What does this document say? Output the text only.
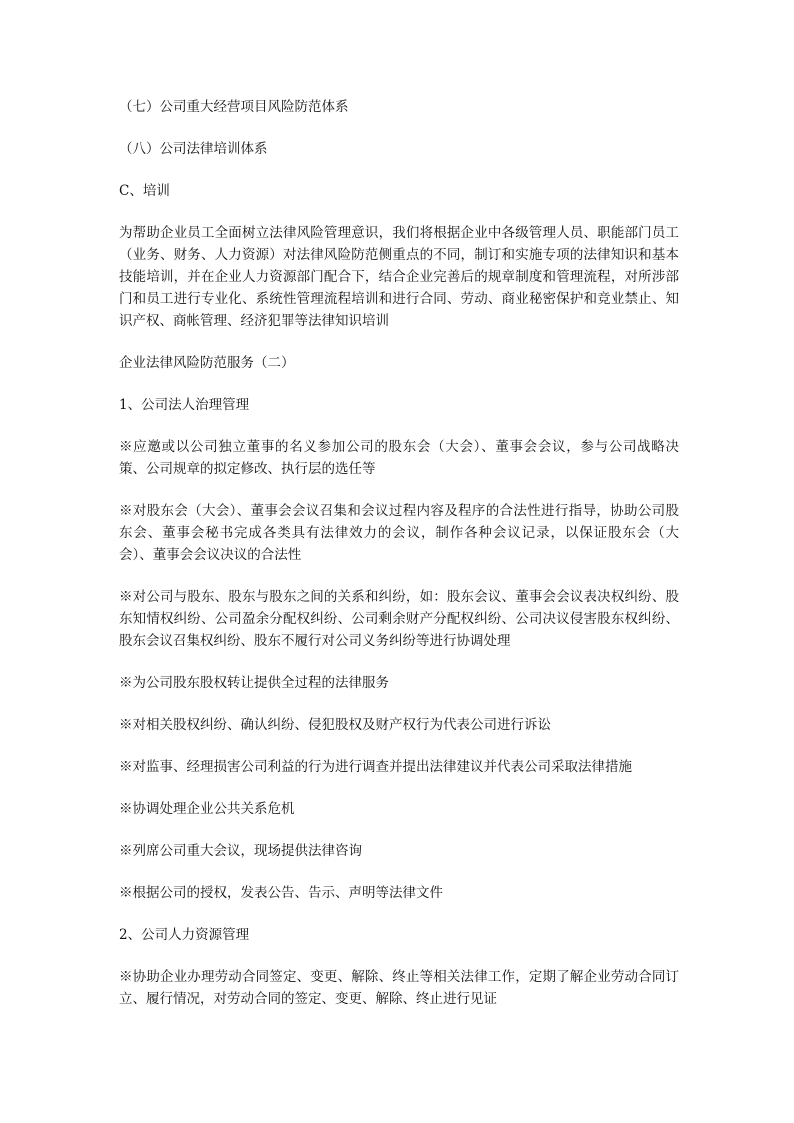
（七）公司重大经营项目风险防范体系

（八）公司法律培训体系

C、培训

为帮助企业员工全面树立法律风险管理意识，我们将根据企业中各级管理人员、职能部门员工（业务、财务、人力资源）对法律风险防范侧重点的不同，制订和实施专项的法律知识和基本技能培训，并在企业人力资源部门配合下，结合企业完善后的规章制度和管理流程，对所涉部门和员工进行专业化、系统性管理流程培训和进行合同、劳动、商业秘密保护和竞业禁止、知识产权、商帐管理、经济犯罪等法律知识培训

企业法律风险防范服务（二）

1、公司法人治理管理

※应邀或以公司独立董事的名义参加公司的股东会（大会）、董事会会议，参与公司战略决策、公司规章的拟定修改、执行层的选任等

※对股东会（大会）、董事会会议召集和会议过程内容及程序的合法性进行指导，协助公司股东会、董事会秘书完成各类具有法律效力的会议，制作各种会议记录，以保证股东会（大会）、董事会会议决议的合法性

※对公司与股东、股东与股东之间的关系和纠纷，如：股东会议、董事会会议表决权纠纷、股东知情权纠纷、公司盈余分配权纠纷、公司剩余财产分配权纠纷、公司决议侵害股东权纠纷、股东会议召集权纠纷、股东不履行对公司义务纠纷等进行协调处理

※为公司股东股权转让提供全过程的法律服务

※对相关股权纠纷、确认纠纷、侵犯股权及财产权行为代表公司进行诉讼

※对监事、经理损害公司利益的行为进行调查并提出法律建议并代表公司采取法律措施

※协调处理企业公共关系危机

※列席公司重大会议，现场提供法律咨询

※根据公司的授权，发表公告、告示、声明等法律文件

2、公司人力资源管理

※协助企业办理劳动合同签定、变更、解除、终止等相关法律工作，定期了解企业劳动合同订立、履行情况，对劳动合同的签定、变更、解除、终止进行见证
